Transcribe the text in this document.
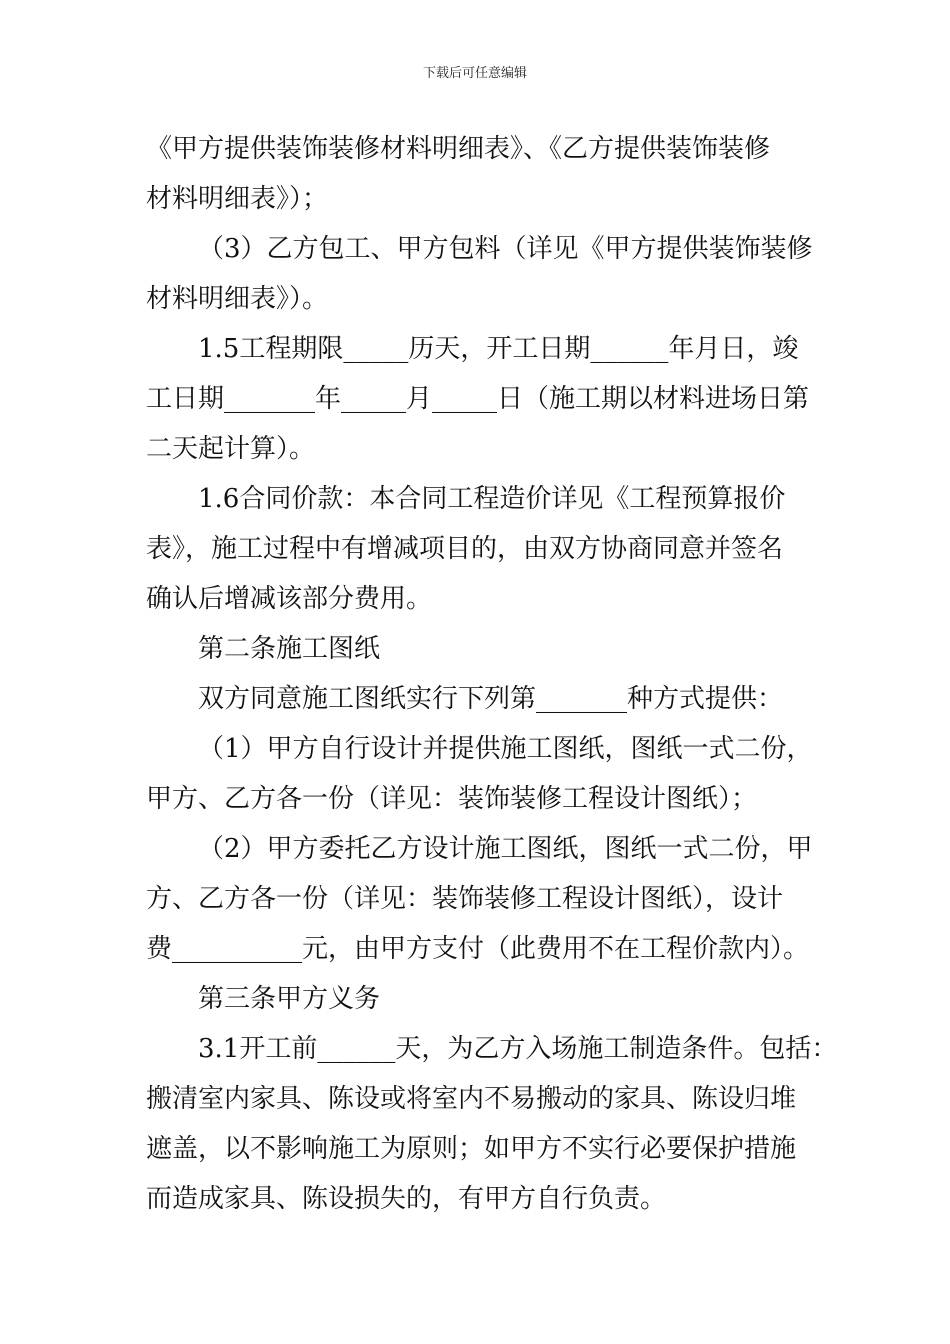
下载后可任意编辑
《甲方提供装饰装修材料明细表》、《乙方提供装饰装修
材料明细表》）；
（3）乙方包工、甲方包料（详见《甲方提供装饰装修
材料明细表》）。
1.5工程期限_____历天，开工日期______年月日，竣
工日期_______年_____月_____日（施工期以材料进场日第
二天起计算）。
1.6合同价款：本合同工程造价详见《工程预算报价
表》，施工过程中有增减项目的，由双方协商同意并签名
确认后增减该部分费用。
第二条施工图纸
双方同意施工图纸实行下列第_______种方式提供：
（1）甲方自行设计并提供施工图纸，图纸一式二份，
甲方、乙方各一份（详见：装饰装修工程设计图纸）；
（2）甲方委托乙方设计施工图纸，图纸一式二份，甲
方、乙方各一份（详见：装饰装修工程设计图纸），设计
费__________元，由甲方支付（此费用不在工程价款内）。
第三条甲方义务
3.1开工前______天，为乙方入场施工制造条件。包括：
搬清室内家具、陈设或将室内不易搬动的家具、陈设归堆
遮盖，以不影响施工为原则；如甲方不实行必要保护措施
而造成家具、陈设损失的，有甲方自行负责。
